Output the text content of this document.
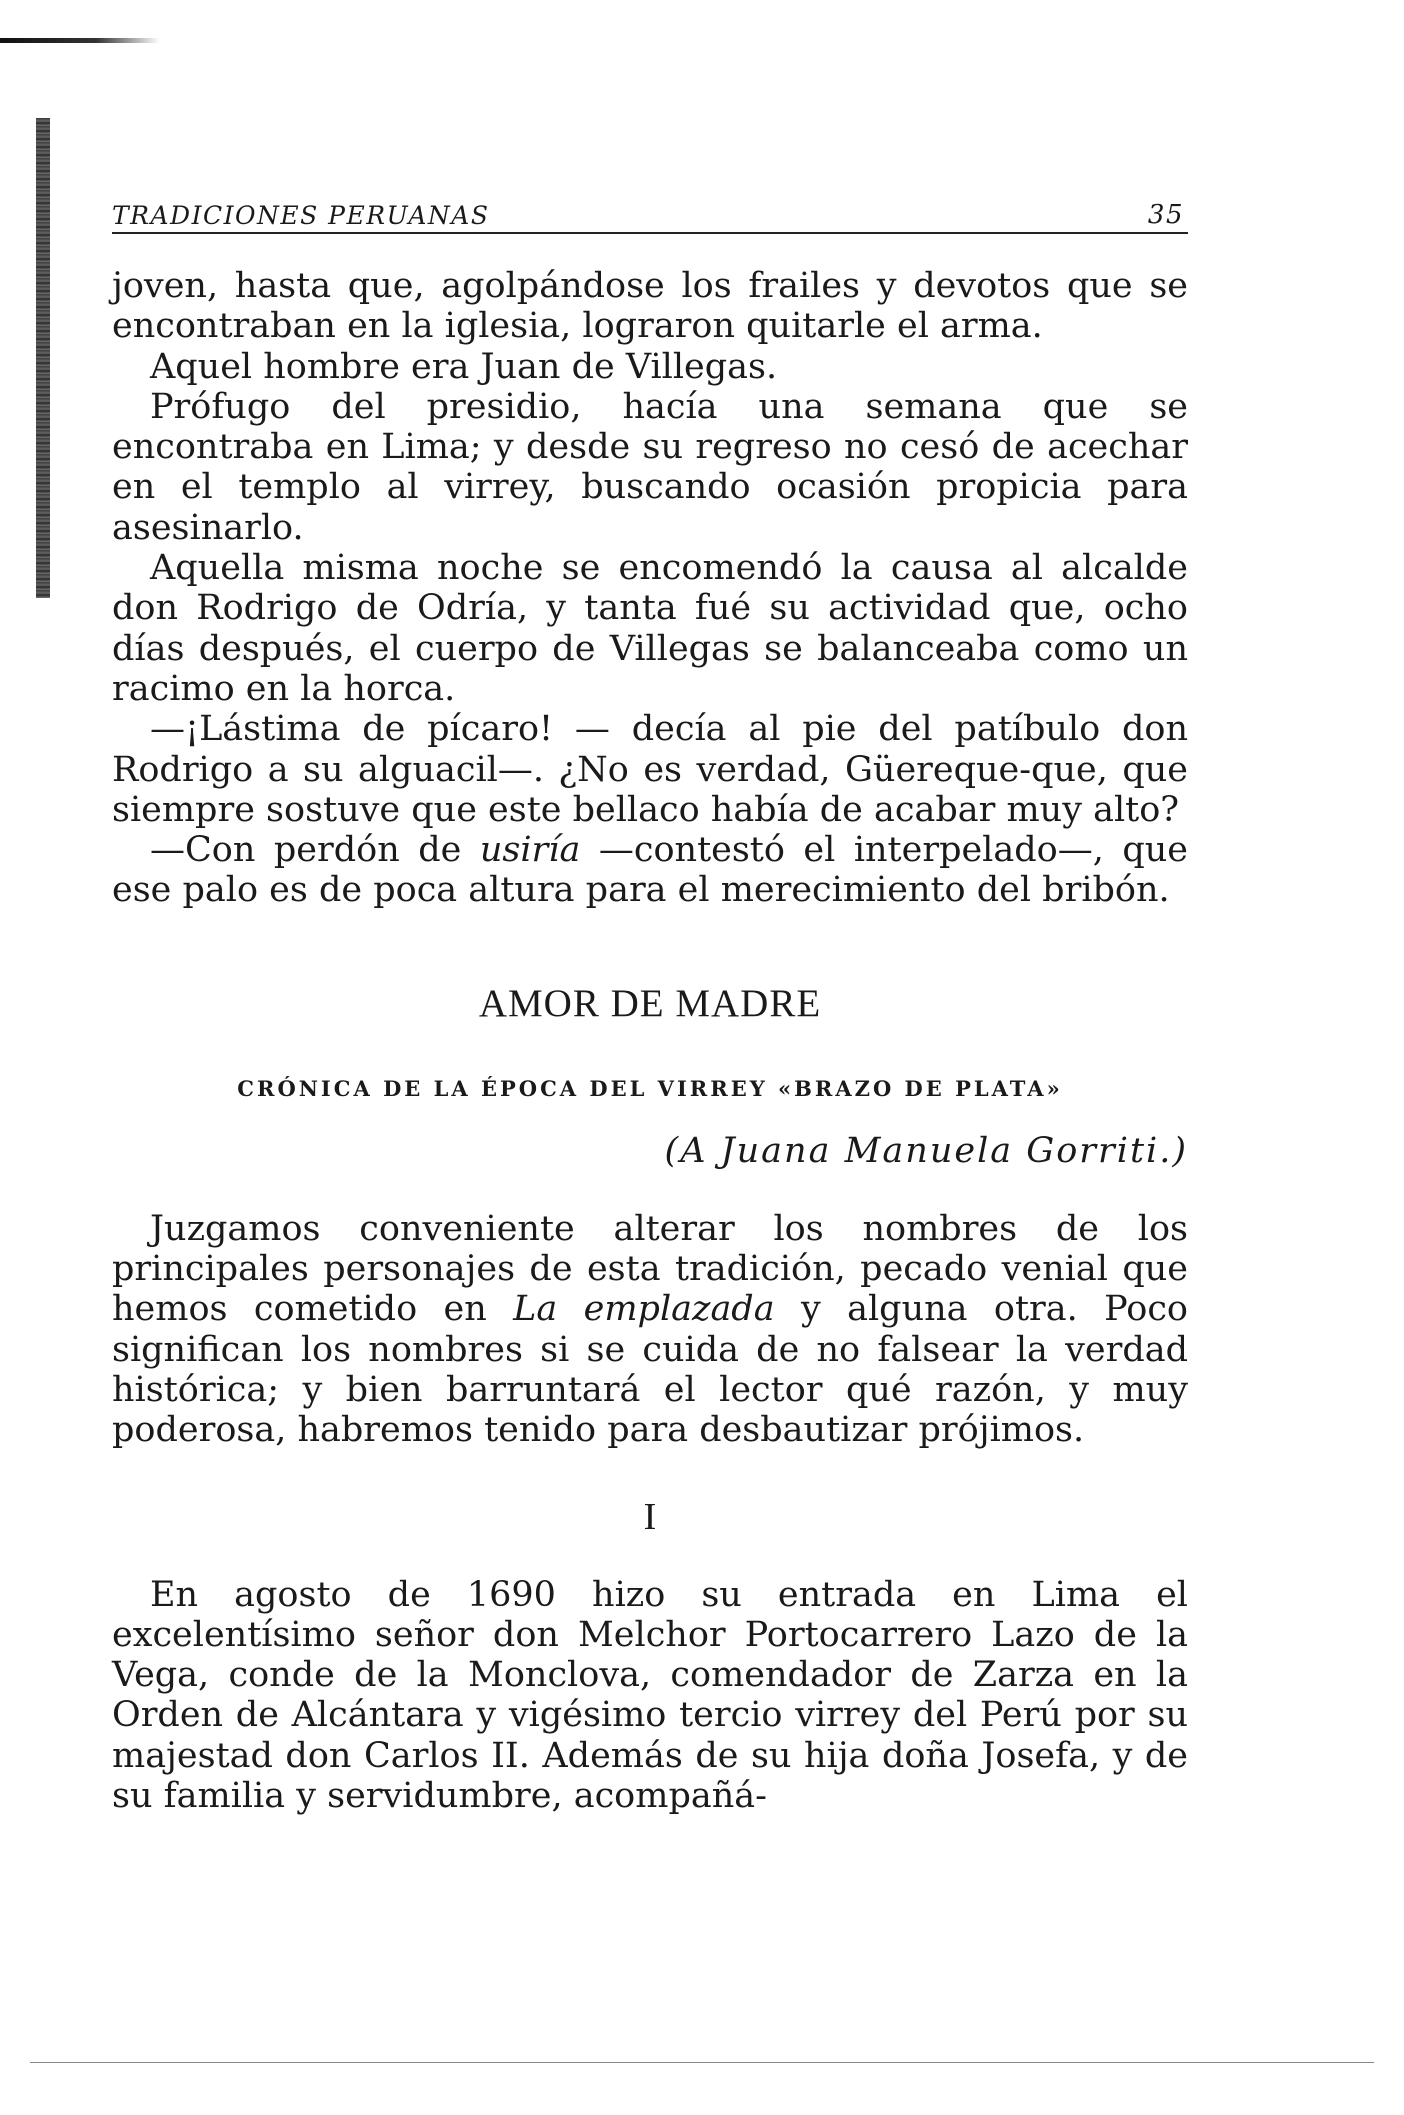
TRADICIONES PERUANAS	35

joven, hasta que, agolpándose los frailes y devotos que se encontraban en la iglesia, lograron quitarle el arma.

Aquel hombre era Juan de Villegas.

Prófugo del presidio, hacía una semana que se encontraba en Lima; y desde su regreso no cesó de acechar en el templo al virrey, buscando ocasión propicia para asesinarlo.

Aquella misma noche se encomendó la causa al alcalde don Rodrigo de Odría, y tanta fué su actividad que, ocho días después, el cuerpo de Villegas se balanceaba como un racimo en la horca.

—¡Lástima de pícaro! — decía al pie del patíbulo don Rodrigo a su alguacil—. ¿No es verdad, Güereque-que, que siempre sostuve que este bellaco había de acabar muy alto?

—Con perdón de usiría —contestó el interpelado—, que ese palo es de poca altura para el merecimiento del bribón.

AMOR DE MADRE
CRÓNICA DE LA ÉPOCA DEL VIRREY «BRAZO DE PLATA»
(A Juana Manuela Gorriti.)

Juzgamos conveniente alterar los nombres de los principales personajes de esta tradición, pecado venial que hemos cometido en La emplazada y alguna otra. Poco significan los nombres si se cuida de no falsear la verdad histórica; y bien barruntará el lector qué razón, y muy poderosa, habremos tenido para desbautizar prójimos.

I

En agosto de 1690 hizo su entrada en Lima el excelentísimo señor don Melchor Portocarrero Lazo de la Vega, conde de la Monclova, comendador de Zarza en la Orden de Alcántara y vigésimo tercio virrey del Perú por su majestad don Carlos II. Además de su hija doña Josefa, y de su familia y servidumbre, acompañá-
